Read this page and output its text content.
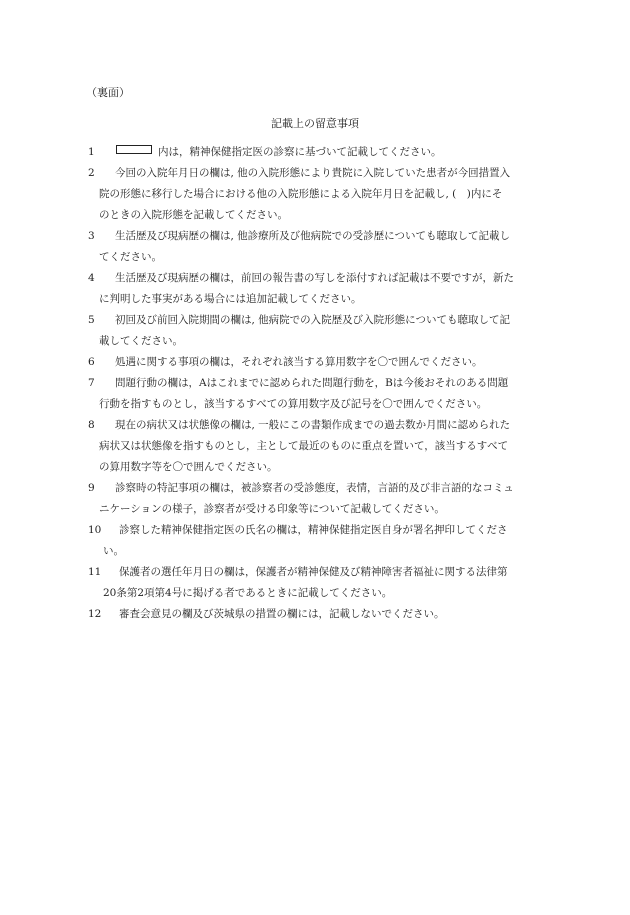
（裏面）
記載上の留意事項
1	内は，精神保健指定医の診察に基づいて記載してください。
2 今回の入院年月日の欄は, 他の入院形態により貴院に入院していた患者が今回措置入
院の形態に移行した場合における他の入院形態による入院年月日を記載し, (　)内にそ
のときの入院形態を記載してください。
3 生活歴及び現病歴の欄は, 他診療所及び他病院での受診歴についても聴取して記載し
てください。
4 生活歴及び現病歴の欄は，前回の報告書の写しを添付すれば記載は不要ですが，新た
に判明した事実がある場合には追加記載してください。
5 初回及び前回入院期間の欄は, 他病院での入院歴及び入院形態についても聴取して記
載してください。
6 処遇に関する事項の欄は，それぞれ該当する算用数字を〇で囲んでください。
7 問題行動の欄は，Aはこれまでに認められた問題行動を，Bは今後おそれのある問題
行動を指すものとし，該当するすべての算用数字及び記号を〇で囲んでください。
8 現在の病状又は状態像の欄は, 一般にこの書類作成までの過去数か月間に認められた
病状又は状態像を指すものとし，主として最近のものに重点を置いて，該当するすべて
の算用数字等を〇で囲んでください。
9 診察時の特記事項の欄は，被診察者の受診態度，表情，言語的及び非言語的なコミュ
ニケーションの様子，診察者が受ける印象等について記載してください。
10 診察した精神保健指定医の氏名の欄は，精神保健指定医自身が署名押印してくださ
い。
11 保護者の選任年月日の欄は，保護者が精神保健及び精神障害者福祉に関する法律第
20条第2項第4号に掲げる者であるときに記載してください。
12 審査会意見の欄及び茨城県の措置の欄には，記載しないでください。
